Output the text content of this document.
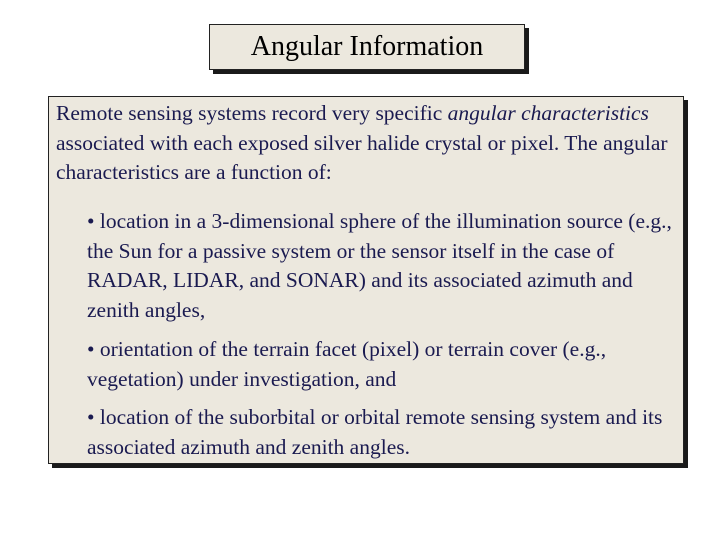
Angular Information

Remote sensing systems record very specific angular characteristics associated with each exposed silver halide crystal or pixel. The angular characteristics are a function of:

• location in a 3-dimensional sphere of the illumination source (e.g., the Sun for a passive system or the sensor itself in the case of RADAR, LIDAR, and SONAR) and its associated azimuth and zenith angles,

• orientation of the terrain facet (pixel) or terrain cover (e.g., vegetation) under investigation, and

• location of the suborbital or orbital remote sensing system and its associated azimuth and zenith angles.
